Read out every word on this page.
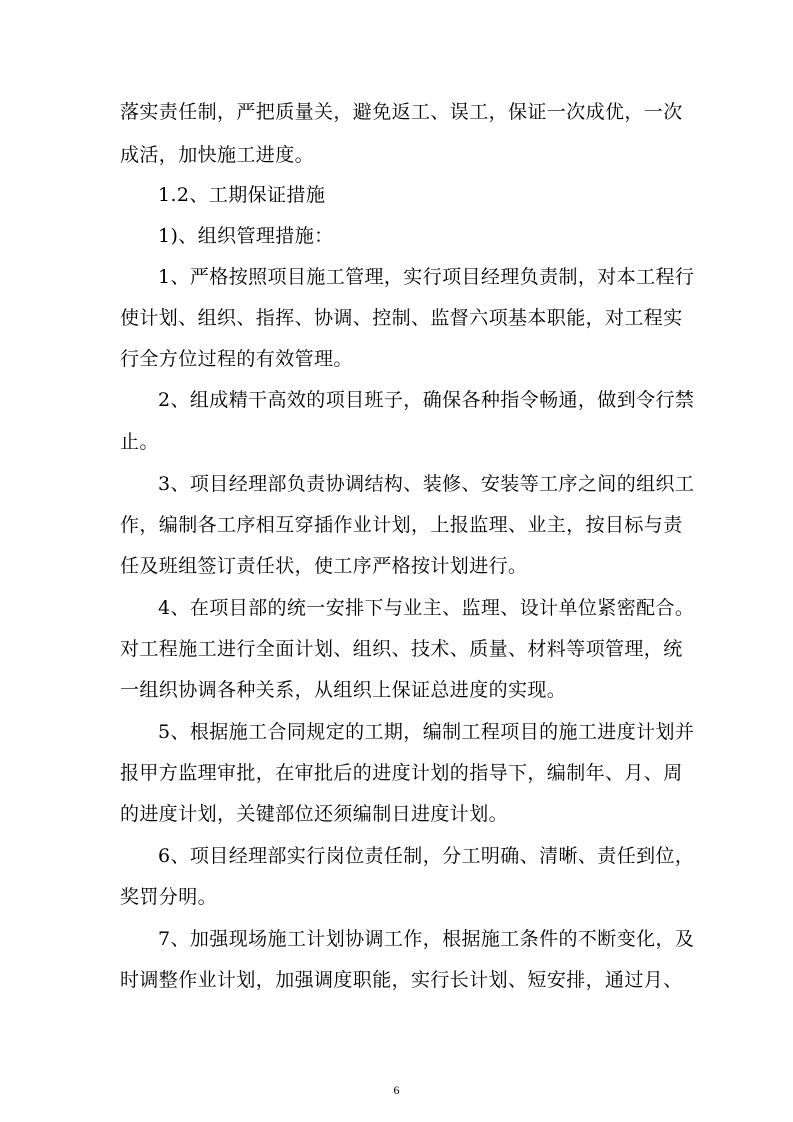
落实责任制，严把质量关，避免返工、误工，保证一次成优，一次
成活，加快施工进度。
1.2、工期保证措施
1)、组织管理措施：
1、严格按照项目施工管理，实行项目经理负责制，对本工程行
使计划、组织、指挥、协调、控制、监督六项基本职能，对工程实
行全方位过程的有效管理。
2、组成精干高效的项目班子，确保各种指令畅通，做到令行禁
止。
3、项目经理部负责协调结构、装修、安装等工序之间的组织工
作，编制各工序相互穿插作业计划，上报监理、业主，按目标与责
任及班组签订责任状，使工序严格按计划进行。
4、在项目部的统一安排下与业主、监理、设计单位紧密配合。
对工程施工进行全面计划、组织、技术、质量、材料等项管理，统
一组织协调各种关系，从组织上保证总进度的实现。
5、根据施工合同规定的工期，编制工程项目的施工进度计划并
报甲方监理审批，在审批后的进度计划的指导下，编制年、月、周
的进度计划，关键部位还须编制日进度计划。
6、项目经理部实行岗位责任制，分工明确、清晰、责任到位，
奖罚分明。
7、加强现场施工计划协调工作，根据施工条件的不断变化，及
时调整作业计划，加强调度职能，实行长计划、短安排，通过月、
6
